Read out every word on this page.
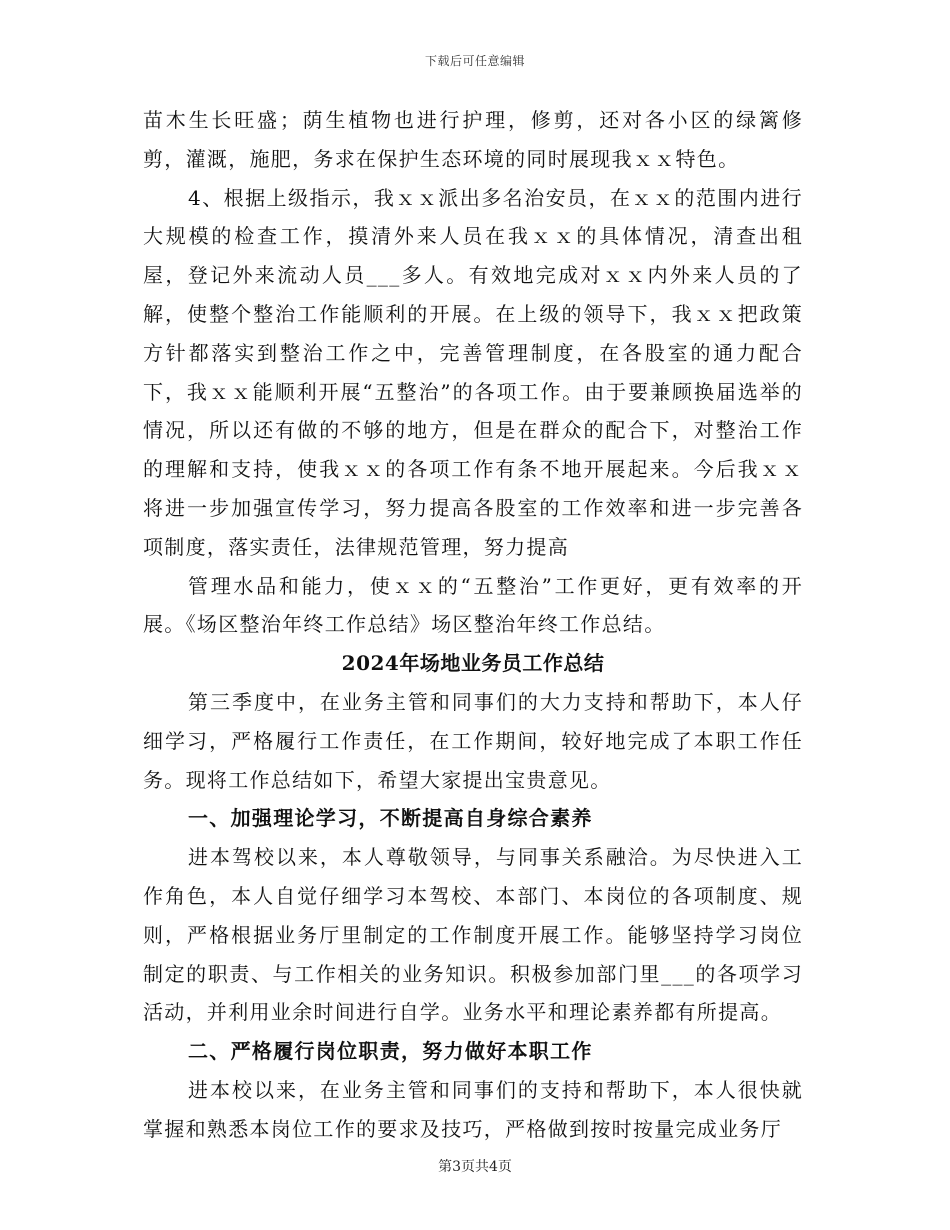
下载后可任意编辑

苗木生长旺盛；荫生植物也进行护理，修剪，还对各小区的绿篱修剪，灌溉，施肥，务求在保护生态环境的同时展现我ｘｘ特色。

4、根据上级指示，我ｘｘ派出多名治安员，在ｘｘ的范围内进行大规模的检查工作，摸清外来人员在我ｘｘ的具体情况，清查出租屋，登记外来流动人员___多人。有效地完成对ｘｘ内外来人员的了解，使整个整治工作能顺利的开展。在上级的领导下，我ｘｘ把政策方针都落实到整治工作之中，完善管理制度，在各股室的通力配合下，我ｘｘ能顺利开展“五整治”的各项工作。由于要兼顾换届选举的情况，所以还有做的不够的地方，但是在群众的配合下，对整治工作的理解和支持，使我ｘｘ的各项工作有条不地开展起来。今后我ｘｘ将进一步加强宣传学习，努力提高各股室的工作效率和进一步完善各项制度，落实责任，法律规范管理，努力提高

管理水品和能力，使ｘｘ的“五整治”工作更好，更有效率的开展。《场区整治年终工作总结》场区整治年终工作总结。

2024年场地业务员工作总结

第三季度中，在业务主管和同事们的大力支持和帮助下，本人仔细学习，严格履行工作责任，在工作期间，较好地完成了本职工作任务。现将工作总结如下，希望大家提出宝贵意见。

一、加强理论学习，不断提高自身综合素养

进本驾校以来，本人尊敬领导，与同事关系融洽。为尽快进入工作角色，本人自觉仔细学习本驾校、本部门、本岗位的各项制度、规则，严格根据业务厅里制定的工作制度开展工作。能够坚持学习岗位制定的职责、与工作相关的业务知识。积极参加部门里___的各项学习活动，并利用业余时间进行自学。业务水平和理论素养都有所提高。

二、严格履行岗位职责，努力做好本职工作

进本校以来，在业务主管和同事们的支持和帮助下，本人很快就掌握和熟悉本岗位工作的要求及技巧，严格做到按时按量完成业务厅

第3页共4页
